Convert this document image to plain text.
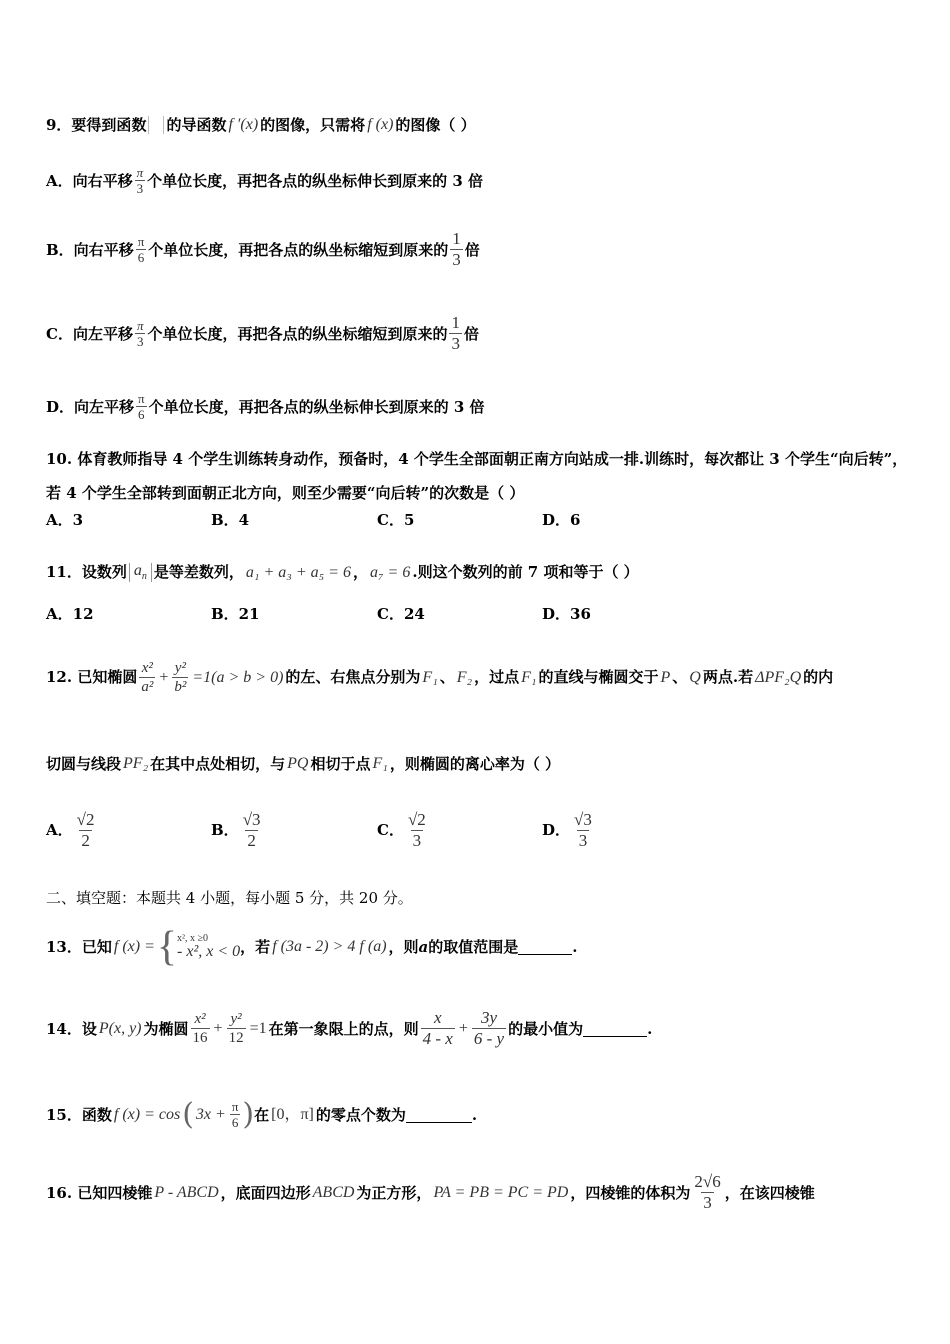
9．要得到函数 的导函数 f ′(x) 的图像，只需将 f (x) 的图像（ ）
A．向右平移 $\frac{\pi}{3}$ 个单位长度，再把各点的纵坐标伸长到原来的 3 倍
B．向右平移 $\frac{\pi}{6}$ 个单位长度，再把各点的纵坐标缩短到原来的 $\frac{1}{3}$ 倍
C．向左平移 $\frac{\pi}{3}$ 个单位长度，再把各点的纵坐标缩短到原来的 $\frac{1}{3}$ 倍
D．向左平移 $\frac{\pi}{6}$ 个单位长度，再把各点的纵坐标伸长到原来的 3 倍
10. 体育教师指导 4 个学生训练转身动作，预备时，4 个学生全部面朝正南方向站成一排.训练时，每次都让 3 个学生“向后转”，若 4 个学生全部转到面朝正北方向，则至少需要“向后转”的次数是（ ）
A．3	B．4	C．5	D．6
11．设数列 $a_n$ 是等差数列， a₁ + a₃ + a₅ = 6 ， a₇ = 6 .则这个数列的前 7 项和等于（ ）
A．12	B．21	C．24	D．36
12. 已知椭圆 $\frac{\text{x²}}{\text{a²}} + \frac{\text{y²}}{\text{b²}} =1(a > b > 0)$ 的左、右焦点分别为 F₁ 、 F₂ ，过点 F₁ 的直线与椭圆交于 P 、 Q 两点.若 ΔPF₂Q 的内
切圆与线段 PF₂ 在其中点处相切，与 PQ 相切于点 F₁ ，则椭圆的离心率为（ ）
A． $\frac{√2}{2}$	B． $\frac{√3}{2}$	C． $\frac{√2}{3}$	D． $\frac{√3}{3}$
二、填空题：本题共 4 小题，每小题 5 分，共 20 分。
13．已知 f (x) = { x², x ≥0
- x², x < 0 ，若 f (3a - 2) > 4 f (a) ，则 a 的取值范围是	.
14．设 P(x, y) 为椭圆 $\frac{\text{x²}}{16} + \frac{\text{y²}}{12} =1$ 在第一象限上的点，则 $\frac{x}{4 - x} + \frac{3y}{6 - y}$ 的最小值为	.
15．函数 f (x) = cos ( $3x + \frac{\pi}{6}$ ) 在 [0，π] 的零点个数为	.
16. 已知四棱锥 P - ABCD ，底面四边形 ABCD 为正方形， PA = PB = PC = PD ，四棱锥的体积为 $\frac{2√6}{3}$ ，在该四棱锥
